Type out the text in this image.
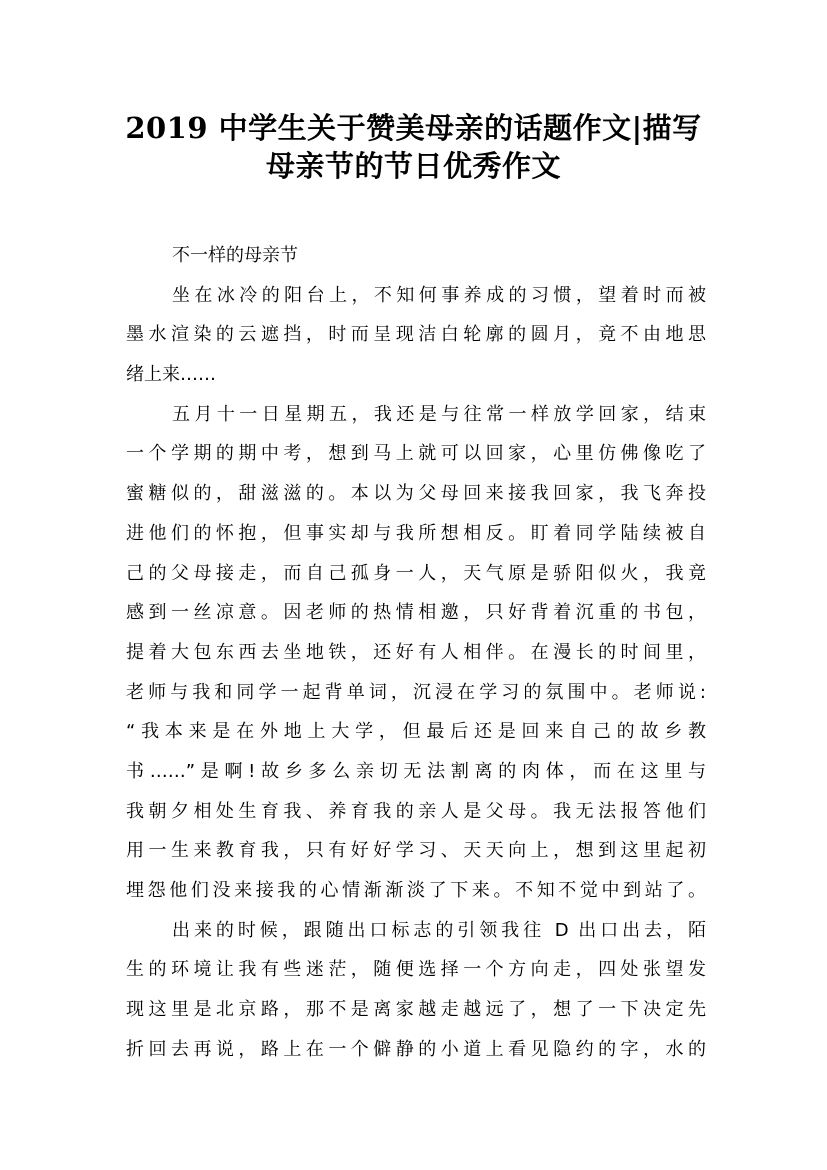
2019 中学生关于赞美母亲的话题作文|描写
母亲节的节日优秀作文
不一样的母亲节
坐在冰冷的阳台上，不知何事养成的习惯，望着时而被
墨水渲染的云遮挡，时而呈现洁白轮廓的圆月，竟不由地思
绪上来……
五月十一日星期五，我还是与往常一样放学回家，结束
一个学期的期中考，想到马上就可以回家，心里仿佛像吃了
蜜糖似的，甜滋滋的。本以为父母回来接我回家，我飞奔投
进他们的怀抱，但事实却与我所想相反。盯着同学陆续被自
己的父母接走，而自己孤身一人，天气原是骄阳似火，我竟
感到一丝凉意。因老师的热情相邀，只好背着沉重的书包，
提着大包东西去坐地铁，还好有人相伴。在漫长的时间里，
老师与我和同学一起背单词，沉浸在学习的氛围中。老师说:
“我本来是在外地上大学，但最后还是回来自己的故乡教
书……”是啊!故乡多么亲切无法割离的肉体，而在这里与
我朝夕相处生育我、养育我的亲人是父母。我无法报答他们
用一生来教育我，只有好好学习、天天向上，想到这里起初
埋怨他们没来接我的心情渐渐淡了下来。不知不觉中到站了。
出来的时候，跟随出口标志的引领我往 D 出口出去，陌
生的环境让我有些迷茫，随便选择一个方向走，四处张望发
现这里是北京路，那不是离家越走越远了，想了一下决定先
折回去再说，路上在一个僻静的小道上看见隐约的字，水的
